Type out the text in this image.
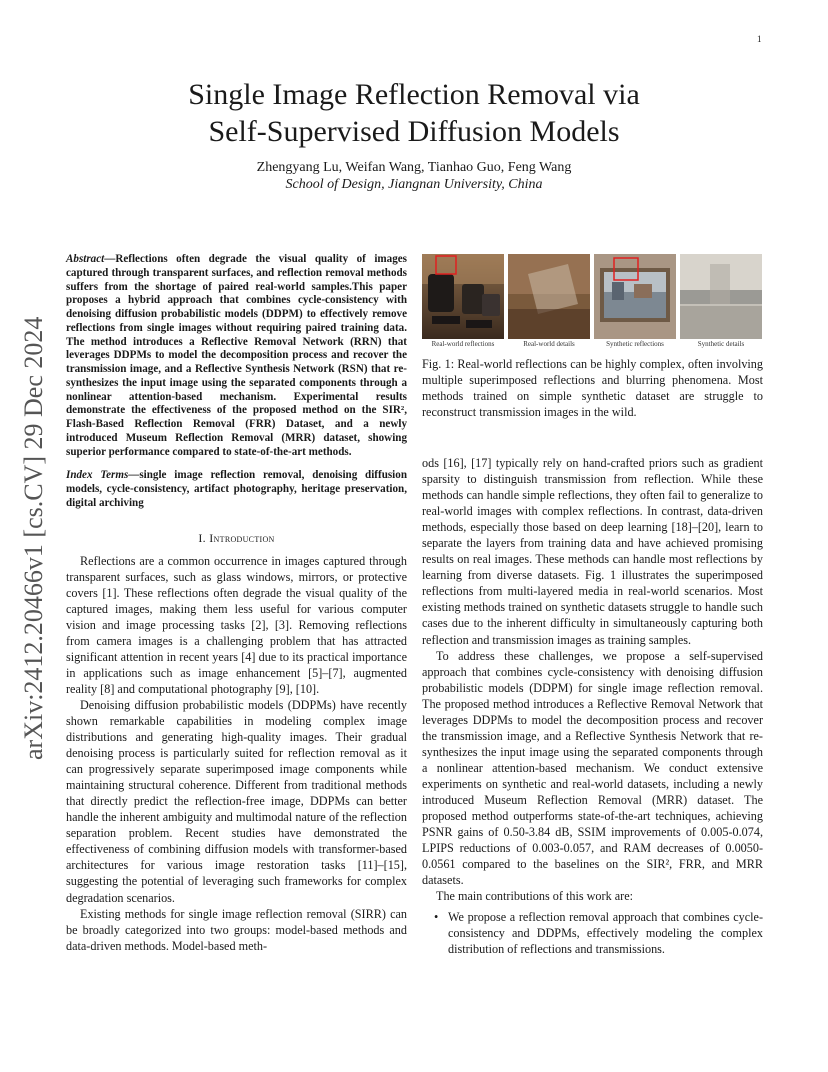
1
arXiv:2412.20466v1 [cs.CV] 29 Dec 2024
Single Image Reflection Removal via
Self-Supervised Diffusion Models
Zhengyang Lu, Weifan Wang, Tianhao Guo, Feng Wang
School of Design, Jiangnan University, China

Abstract—Reflections often degrade the visual quality of images captured through transparent surfaces, and reflection removal methods suffers from the shortage of paired real-world samples.This paper proposes a hybrid approach that combines cycle-consistency with denoising diffusion probabilistic models (DDPM) to effectively remove reflections from single images without requiring paired training data. The method introduces a Reflective Removal Network (RRN) that leverages DDPMs to model the decomposition process and recover the transmission image, and a Reflective Synthesis Network (RSN) that re-synthesizes the input image using the separated components through a nonlinear attention-based mechanism. Experimental results demonstrate the effectiveness of the proposed method on the SIR², Flash-Based Reflection Removal (FRR) Dataset, and a newly introduced Museum Reflection Removal (MRR) dataset, showing superior performance compared to state-of-the-art methods.

Index Terms—single image reflection removal, denoising diffusion models, cycle-consistency, artifact photography, heritage preservation, digital archiving

I. Introduction

Reflections are a common occurrence in images captured through transparent surfaces, such as glass windows, mirrors, or protective covers [1]. These reflections often degrade the visual quality of the captured images, making them less useful for various computer vision and image processing tasks [2], [3]. Removing reflections from camera images is a challenging problem that has attracted significant attention in recent years [4] due to its practical importance in applications such as image enhancement [5]–[7], augmented reality [8] and computational photography [9], [10].

Denoising diffusion probabilistic models (DDPMs) have recently shown remarkable capabilities in modeling complex image distributions and generating high-quality images. Their gradual denoising process is particularly suited for reflection removal as it can progressively separate superimposed image components while maintaining structural coherence. Different from traditional methods that directly predict the reflection-free image, DDPMs can better handle the inherent ambiguity and multimodal nature of the reflection separation problem. Recent studies have demonstrated the effectiveness of combining diffusion models with transformer-based architectures for various image restoration tasks [11]–[15], suggesting the potential of leveraging such frameworks for complex degradation scenarios.

Existing methods for single image reflection removal (SIRR) can be broadly categorized into two groups: model-based methods and data-driven methods. Model-based meth-

Real-world reflections	Real-world details	Synthetic reflections	Synthetic details
Fig. 1: Real-world reflections can be highly complex, often involving multiple superimposed reflections and blurring phenomena. Most methods trained on simple synthetic dataset are struggle to reconstruct transmission images in the wild.

ods [16], [17] typically rely on hand-crafted priors such as gradient sparsity to distinguish transmission from reflection. While these methods can handle simple reflections, they often fail to generalize to real-world images with complex reflections. In contrast, data-driven methods, especially those based on deep learning [18]–[20], learn to separate the layers from training data and have achieved promising results on real images. These methods can handle most reflections by learning from diverse datasets. Fig. 1 illustrates the superimposed reflections from multi-layered media in real-world scenarios. Most existing methods trained on synthetic datasets struggle to handle such cases due to the inherent difficulty in simultaneously capturing both reflection and transmission images as training samples.

To address these challenges, we propose a self-supervised approach that combines cycle-consistency with denoising diffusion probabilistic models (DDPM) for single image reflection removal. The proposed method introduces a Reflective Removal Network that leverages DDPMs to model the decomposition process and recover the transmission image, and a Reflective Synthesis Network that re-synthesizes the input image using the separated components through a nonlinear attention-based mechanism. We conduct extensive experiments on synthetic and real-world datasets, including a newly introduced Museum Reflection Removal (MRR) dataset. The proposed method outperforms state-of-the-art techniques, achieving PSNR gains of 0.50-3.84 dB, SSIM improvements of 0.005-0.074, LPIPS reductions of 0.003-0.057, and RAM decreases of 0.0050-0.0561 compared to the baselines on the SIR², FRR, and MRR datasets.

The main contributions of this work are:

• We propose a reflection removal approach that combines cycle-consistency and DDPMs, effectively modeling the complex distribution of reflections and transmissions.
